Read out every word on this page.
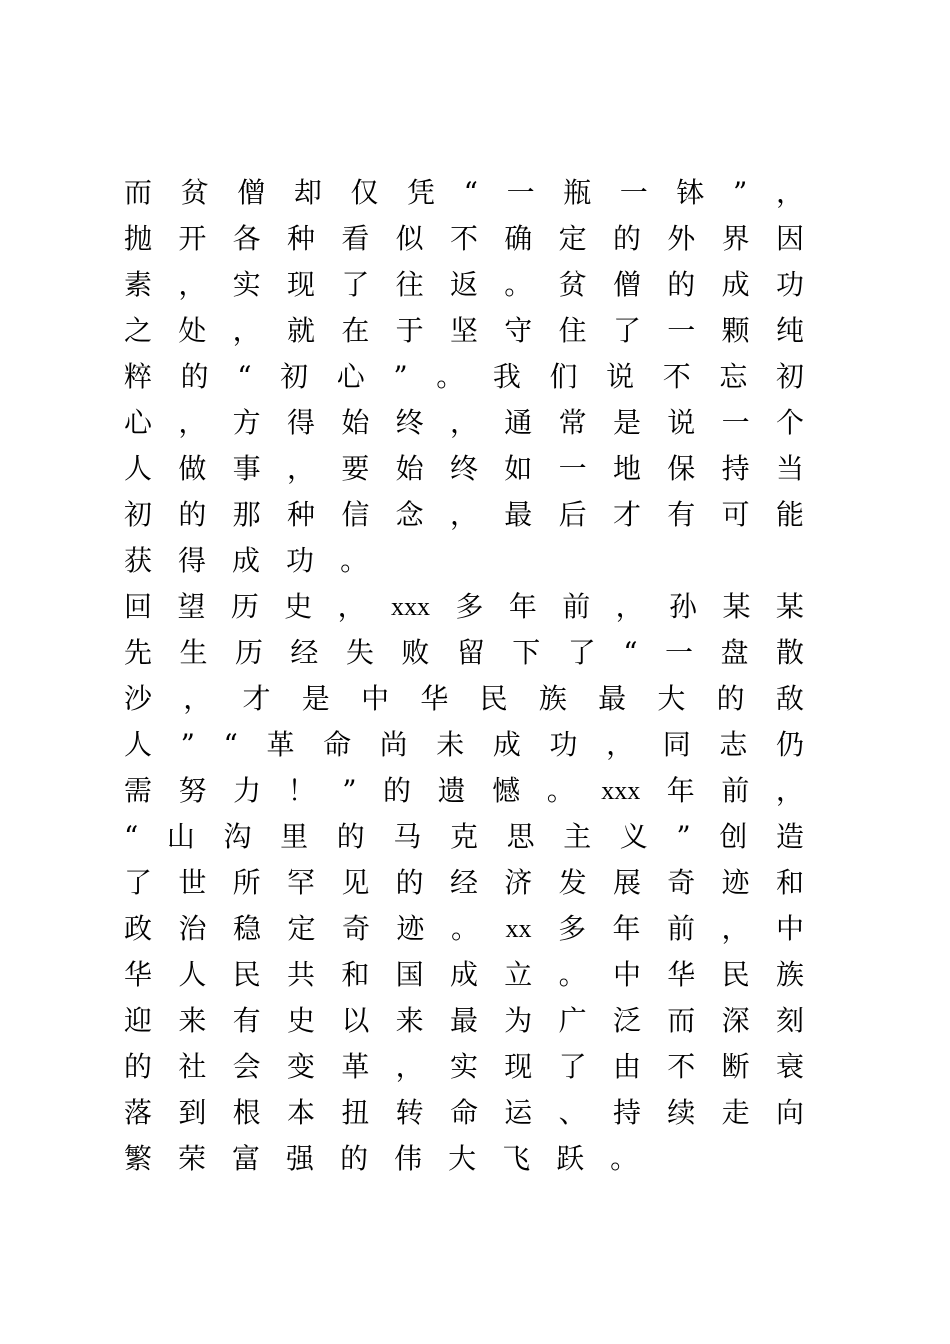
而 贫 僧 却 仅 凭 “ 一 瓶 一 钵 ” ，
抛 开 各 种 看 似 不 确 定 的 外 界 因
素 ， 实 现 了 往 返 。 贫 僧 的 成 功
之 处 ， 就 在 于 坚 守 住 了 一 颗 纯
粹 的 “ 初 心 ” 。 我 们 说 不 忘 初
心 ， 方 得 始 终 ， 通 常 是 说 一 个
人 做 事 ， 要 始 终 如 一 地 保 持 当
初 的 那 种 信 念 ， 最 后 才 有 可 能
获 得 成 功 。
回 望 历 史 ， xxx 多 年 前 ， 孙 某 某
先 生 历 经 失 败 留 下 了 “ 一 盘 散
沙 ， 才 是 中 华 民 族 最 大 的 敌
人 ” “ 革 命 尚 未 成 功 ， 同 志 仍
需 努 力 ！ ” 的 遗 憾 。 xxx 年 前 ，
“ 山 沟 里 的 马 克 思 主 义 ” 创 造
了 世 所 罕 见 的 经 济 发 展 奇 迹 和
政 治 稳 定 奇 迹 。 xx 多 年 前 ， 中
华 人 民 共 和 国 成 立 。 中 华 民 族
迎 来 有 史 以 来 最 为 广 泛 而 深 刻
的 社 会 变 革 ， 实 现 了 由 不 断 衰
落 到 根 本 扭 转 命 运 、 持 续 走 向
繁 荣 富 强 的 伟 大 飞 跃 。
